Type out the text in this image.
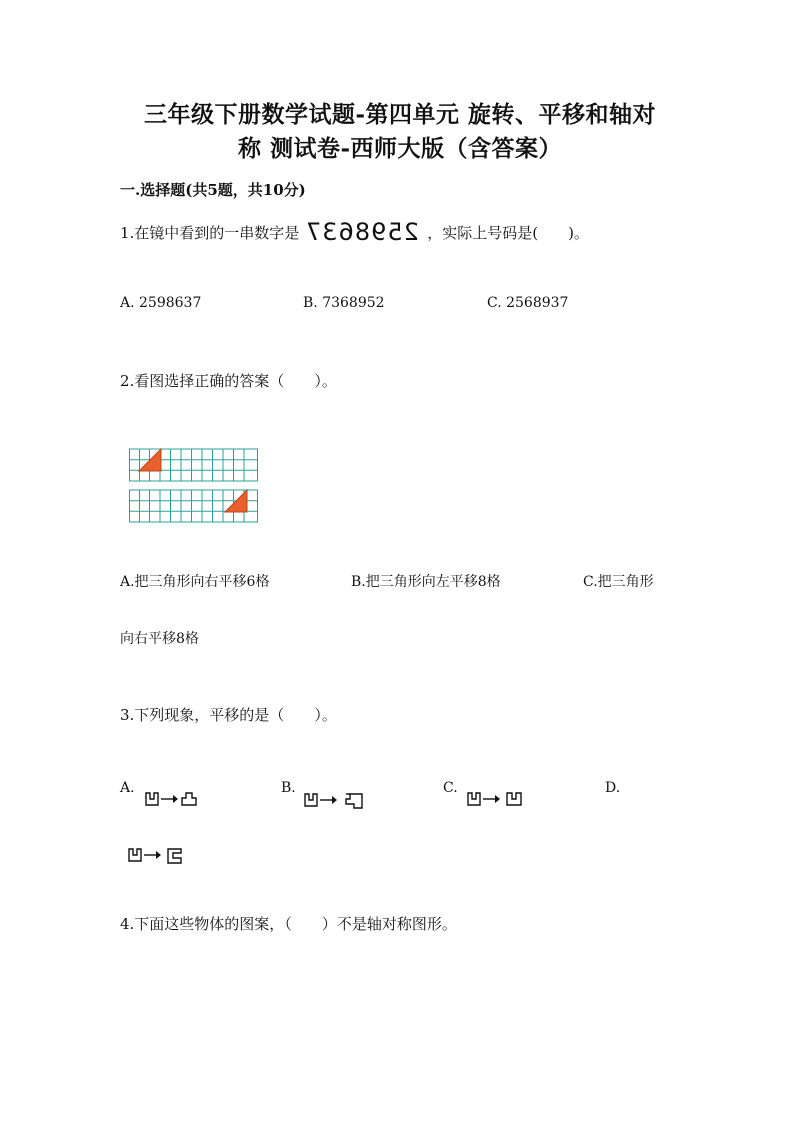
三年级下册数学试题-第四单元 旋转、平移和轴对
称 测试卷-西师大版（含答案）
一.选择题(共5题，共10分)
1.在镜中看到的一串数字是 2598637 ，实际上号码是(　　)。
A. 2598637	B. 7368952	C. 2568937
2.看图选择正确的答案（　　）。
A.把三角形向右平移6格	B.把三角形向左平移8格	C.把三角形
向右平移8格
3.下列现象，平移的是（　　）。
A.	B.	C.	D.
4.下面这些物体的图案，（　　）不是轴对称图形。
